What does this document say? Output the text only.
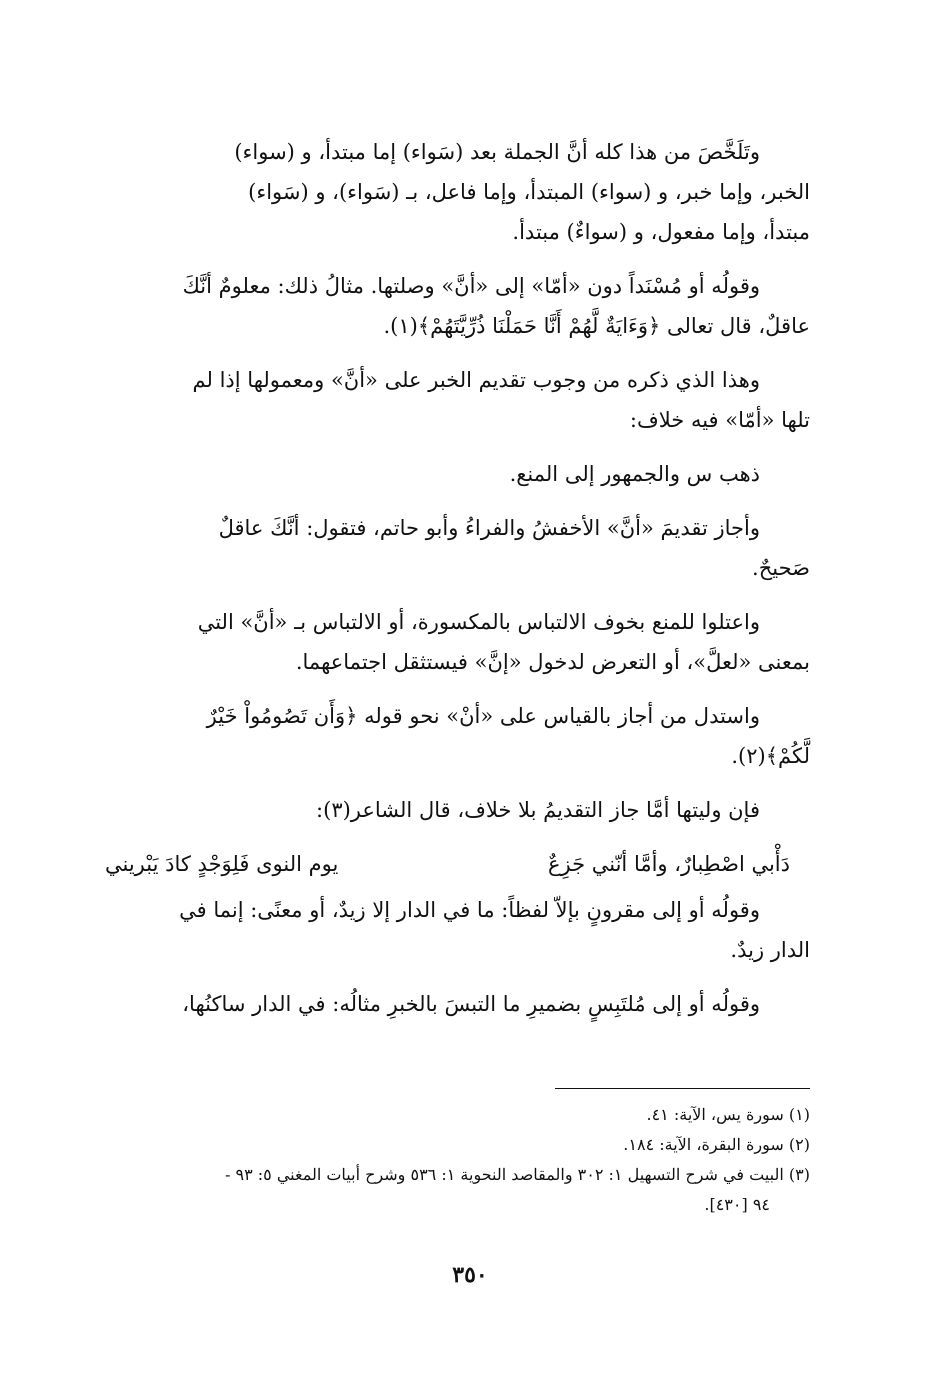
وتَلَخَّصَ من هذا كله أنَّ الجملة بعد (سَواء) إما مبتدأ، و (سواء)
الخبر، وإما خبر، و (سواء) المبتدأ، وإما فاعل، بـ (سَواء)، و (سَواء)
مبتدأ، وإما مفعول، و (سواءٌ) مبتدأ.

وقولُه أو مُسْنَداً دون «أمّا» إلى «أنَّ» وصلتها. مثالُ ذلك: معلومٌ أنَّكَ
عاقلٌ، قال تعالى ﴿وَءَايَةٌ لَّهُمْ أَنَّا حَمَلْنَا ذُرِّيَّتَهُمْ﴾(١).

وهذا الذي ذكره من وجوب تقديم الخبر على «أنَّ» ومعمولها إذا لم
تلها «أمّا» فيه خلاف:

ذهب س والجمهور إلى المنع.

وأجاز تقديمَ «أنَّ» الأخفشُ والفراءُ وأبو حاتم، فتقول: أنَّكَ عاقلٌ
صَحيحٌ.

واعتلوا للمنع بخوف الالتباس بالمكسورة، أو الالتباس بـ «أنَّ» التي
بمعنى «لعلَّ»، أو التعرض لدخول «إنَّ» فيستثقل اجتماعهما.

واستدل من أجاز بالقياس على «أنْ» نحو قوله ﴿وَأَن تَصُومُواْ خَيْرٌ
لَّكُمْ﴾(٢).

فإن وليتها أمَّا جاز التقديمُ بلا خلاف، قال الشاعر(٣):

دَأْبي اصْطِبارٌ، وأمَّا أنّني جَزِعٌ
يوم النوى فَلِوَجْدٍ كادَ يَبْريني

وقولُه أو إلى مقرونٍ بإلاّ لفظاً: ما في الدار إلا زيدٌ، أو معنًى: إنما في
الدار زيدٌ.

وقولُه أو إلى مُلتَبِسٍ بضميرِ ما التبسَ بالخبرِ مثالُه: في الدار ساكنُها،

(١) سورة يس، الآية: ٤١.

(٢) سورة البقرة، الآية: ١٨٤.

(٣) البيت في شرح التسهيل ١: ٣٠٢ والمقاصد النحوية ١: ٥٣٦ وشرح أبيات المغني ٥: ٩٣ -
٩٤ [٤٣٠].

٣٥٠
